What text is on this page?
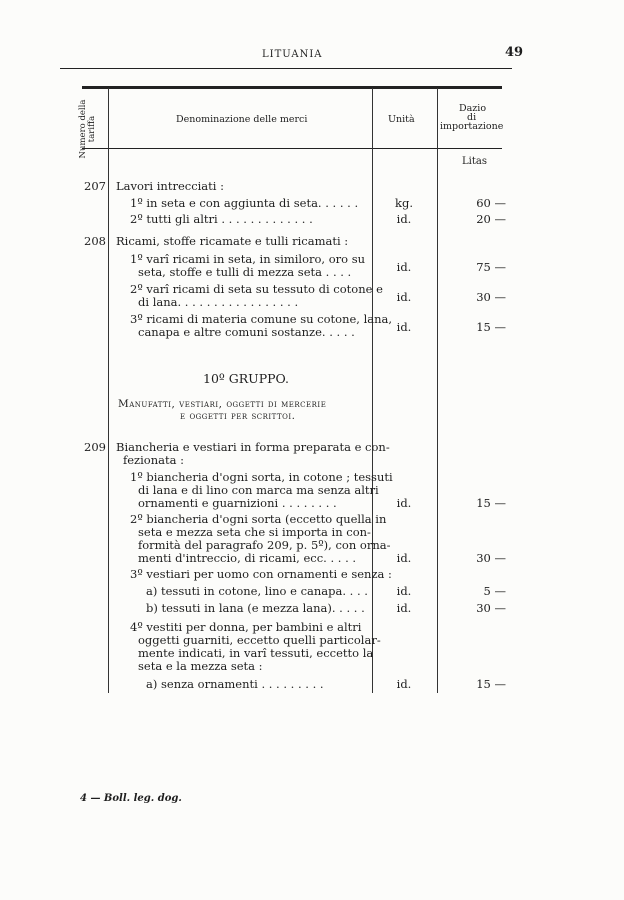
LITUANIA	49
Numero della tariffa	Denominazione delle merci	Unità
Dazio
di
importazione
Litas
207 Lavori intrecciati :
1º in seta e con aggiunta di seta. . . . . .	kg.	60 —
2º tutti gli altri . . . . . . . . . . . . .	id.	20 —
208 Ricami, stoffe ricamate e tulli ricamati :
1º varî ricami in seta, in similoro, oro su
seta, stoffe e tulli di mezza seta . . . .	id.	75 —
2º varî ricami di seta su tessuto di cotone e
di lana. . . . . . . . . . . . . . . . .	id.	30 —
3º ricami di materia comune su cotone, lana,
canapa e altre comuni sostanze. . . . .	id.	15 —
10º GRUPPO.
Manufatti, vestiari, oggetti di mercerie
e oggetti per scrittoi.
209 Biancheria e vestiari in forma preparata e con-
fezionata :
1º biancheria d'ogni sorta, in cotone ; tessuti
di lana e di lino con marca ma senza altri
ornamenti e guarnizioni . . . . . . . .	id.	15 —
2º biancheria d'ogni sorta (eccetto quella in
seta e mezza seta che si importa in con-
formità del paragrafo 209, p. 5º), con orna-
menti d'intreccio, di ricami, ecc. . . . .	id.	30 —
3º vestiari per uomo con ornamenti e senza :
a) tessuti in cotone, lino e canapa. . . .	id.	5 —
b) tessuti in lana (e mezza lana). . . . .	id.	30 —
4º vestiti per donna, per bambini e altri
oggetti guarniti, eccetto quelli particolar-
mente indicati, in varî tessuti, eccetto la
seta e la mezza seta :
a) senza ornamenti . . . . . . . . .	id.	15 —
4 — Boll. leg. dog.
